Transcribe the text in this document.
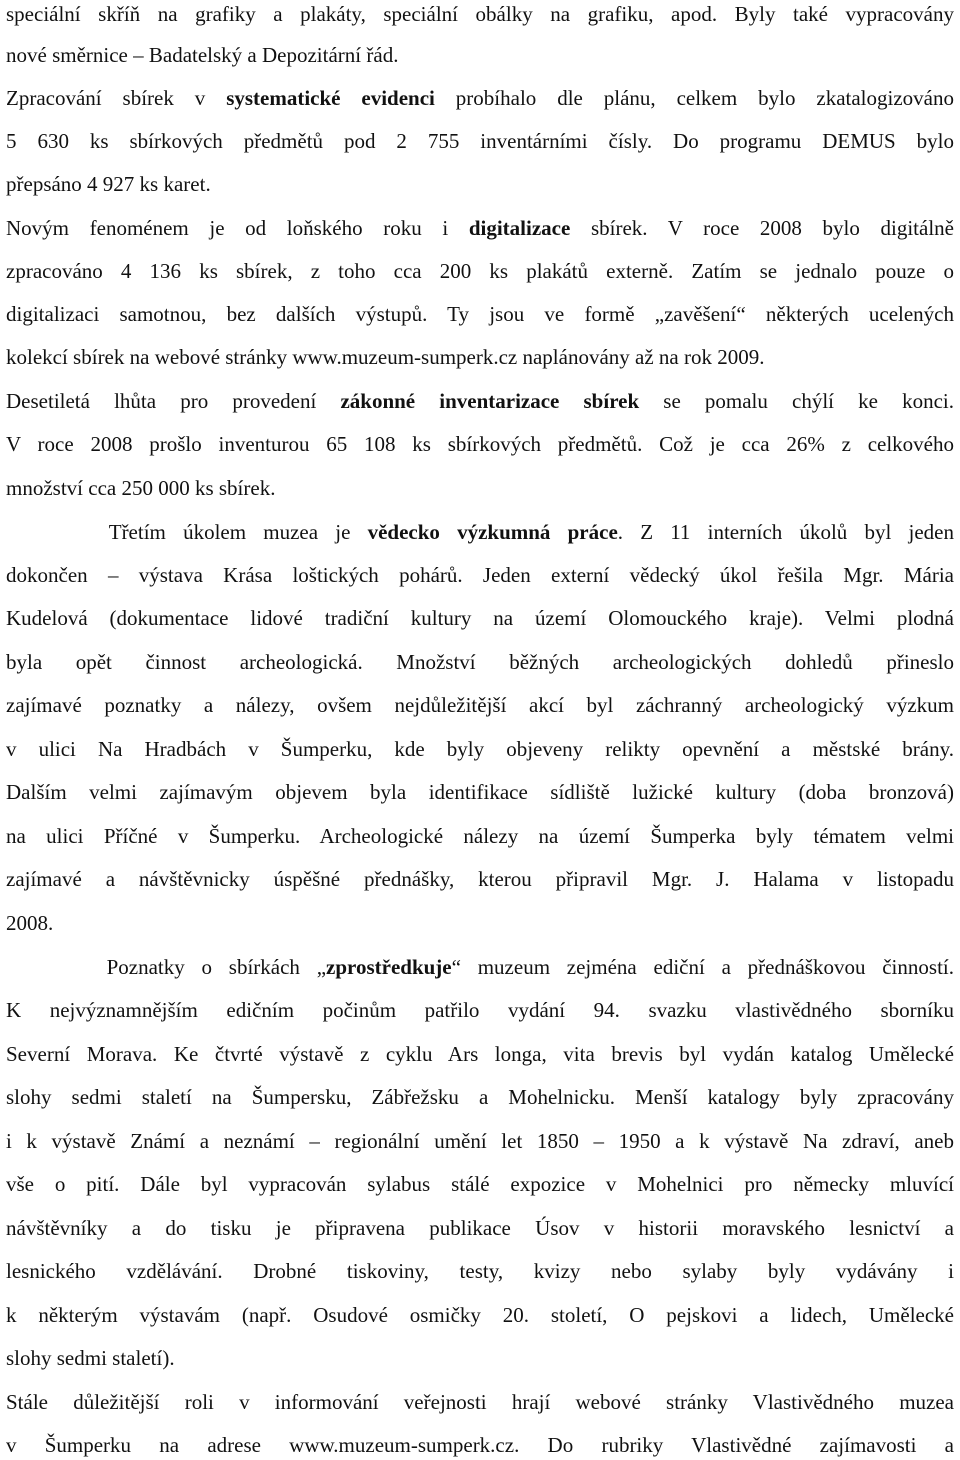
speciální skříň na grafiky a plakáty, speciální obálky na grafiku, apod. Byly také vypracovány
nové směrnice – Badatelský a Depozitární řád.
Zpracování sbírek v systematické evidenci probíhalo dle plánu, celkem bylo zkatalogizováno
5 630 ks sbírkových předmětů pod 2 755 inventárními čísly. Do programu DEMUS bylo
přepsáno 4 927 ks karet.
Novým fenoménem je od loňského roku i digitalizace sbírek. V roce 2008 bylo digitálně
zpracováno 4 136 ks sbírek, z toho cca 200 ks plakátů externě. Zatím se jednalo pouze o
digitalizaci samotnou, bez dalších výstupů. Ty jsou ve formě „zavěšení“ některých ucelených
kolekcí sbírek na webové stránky www.muzeum-sumperk.cz naplánovány až na rok 2009.
Desetiletá lhůta pro provedení zákonné inventarizace sbírek se pomalu chýlí ke konci.
V roce 2008 prošlo inventurou 65 108 ks sbírkových předmětů. Což je cca 26% z celkového
množství cca 250 000 ks sbírek.
Třetím úkolem muzea je vědecko výzkumná práce. Z 11 interních úkolů byl jeden
dokončen – výstava Krása loštických pohárů. Jeden externí vědecký úkol řešila Mgr. Mária
Kudelová (dokumentace lidové tradiční kultury na území Olomouckého kraje). Velmi plodná
byla opět činnost archeologická. Množství běžných archeologických dohledů přineslo
zajímavé poznatky a nálezy, ovšem nejdůležitější akcí byl záchranný archeologický výzkum
v ulici Na Hradbách v Šumperku, kde byly objeveny relikty opevnění a městské brány.
Dalším velmi zajímavým objevem byla identifikace sídliště lužické kultury (doba bronzová)
na ulici Příčné v Šumperku. Archeologické nálezy na území Šumperka byly tématem velmi
zajímavé a návštěvnicky úspěšné přednášky, kterou připravil Mgr. J. Halama v listopadu
2008.
Poznatky o sbírkách „zprostředkuje“ muzeum zejména ediční a přednáškovou činností.
K nejvýznamnějším edičním počinům patřilo vydání 94. svazku vlastivědného sborníku
Severní Morava. Ke čtvrté výstavě z cyklu Ars longa, vita brevis byl vydán katalog Umělecké
slohy sedmi staletí na Šumpersku, Zábřežsku a Mohelnicku. Menší katalogy byly zpracovány
i k výstavě Známí a neznámí – regionální umění let 1850 – 1950 a k výstavě Na zdraví, aneb
vše o pití. Dále byl vypracován sylabus stálé expozice v Mohelnici pro německy mluvící
návštěvníky a do tisku je připravena publikace Úsov v historii moravského lesnictví a
lesnického vzdělávání. Drobné tiskoviny, testy, kvizy nebo sylaby byly vydávány i
k některým výstavám (např. Osudové osmičky 20. století, O pejskovi a lidech, Umělecké
slohy sedmi staletí).
Stále důležitější roli v informování veřejnosti hrají webové stránky Vlastivědného muzea
v Šumperku na adrese www.muzeum-sumperk.cz. Do rubriky Vlastivědné zajímavosti a
